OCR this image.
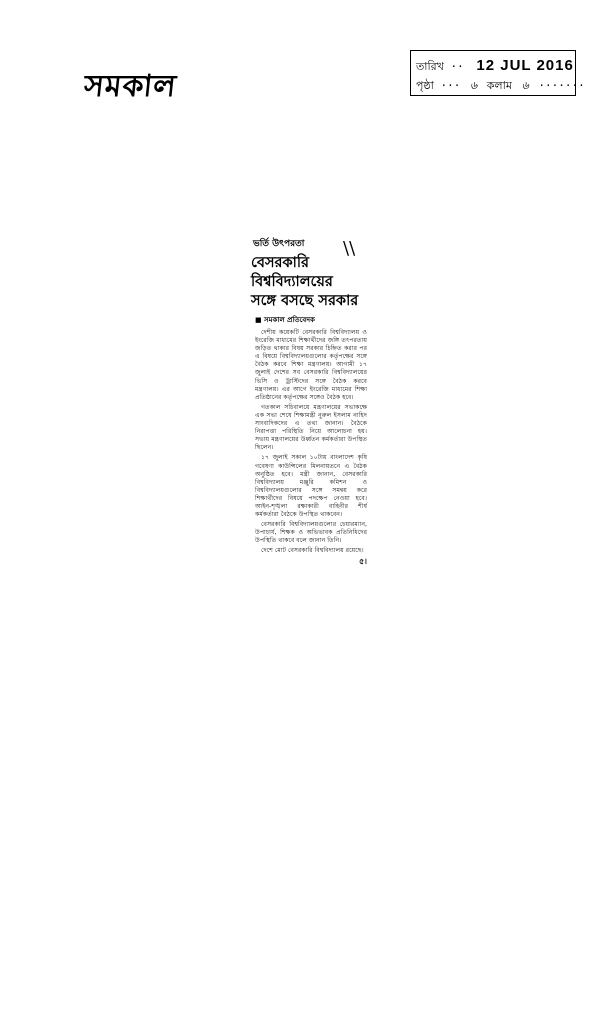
সমকাল
তারিখ ·· 12 JUL 2016
পৃষ্ঠা ··· ৬ কলাম ৬ ·······
\\
ভর্তি উৎপরতা
বেসরকারি
বিশ্ববিদ্যালয়ের
সঙ্গে বসছে সরকার
■ সমকাল প্রতিবেদক

দেশীয় কয়েকটি বেসরকারি বিশ্ববিদ্যালয় ও ইংরেজি মাধ্যমের শিক্ষার্থীদের জঙ্গি তৎপরতায় জড়িত থাকার বিষয় সরকার চিহ্নিত করার পর এ বিষয়ে বিশ্ববিদ্যালয়গুলোর কর্তৃপক্ষের সঙ্গে বৈঠক করবে শিক্ষা মন্ত্রণালয়। আগামী ১৭ জুলাই দেশের সব বেসরকারি বিশ্ববিদ্যালয়ের ভিসি ও ট্রাস্টিদের সঙ্গে বৈঠক করবে মন্ত্রণালয়। এর আগে ইংরেজি মাধ্যমের শিক্ষা প্রতিষ্ঠানের কর্তৃপক্ষের সঙ্গেও বৈঠক হবে।

গতকাল সচিবালয়ে মন্ত্রণালয়ের সভাকক্ষে এক সভা শেষে শিক্ষামন্ত্রী নুরুল ইসলাম নাহিদ সাংবাদিকদের এ তথ্য জানান। বৈঠকে নিরাপত্তা পরিস্থিতি নিয়ে আলোচনা হয়। সভায় মন্ত্রণালয়ের উর্ধ্বতন কর্মকর্তারা উপস্থিত ছিলেন।

১৭ জুলাই সকাল ১০টায় বাংলাদেশ কৃষি গবেষণা কাউন্সিলের মিলনায়তনে এ বৈঠক অনুষ্ঠিত হবে। মন্ত্রী জানান, বেসরকারি বিশ্ববিদ্যালয় মঞ্জুরি কমিশন ও বিশ্ববিদ্যালয়গুলোর সঙ্গে সমন্বয় করে শিক্ষার্থীদের বিষয়ে পদক্ষেপ নেওয়া হবে। আইন-শৃঙ্খলা রক্ষাকারী বাহিনীর শীর্ষ কর্মকর্তারা বৈঠকে উপস্থিত থাকবেন।

বেসরকারি বিশ্ববিদ্যালয়গুলোর চেয়ারম্যান, উপাচার্য, শিক্ষক ও অভিভাবক প্রতিনিধিদের উপস্থিতি থাকবে বলে জানান তিনি।

দেশে মোট বেসরকারি বিশ্ববিদ্যালয় রয়েছে।

৫।
